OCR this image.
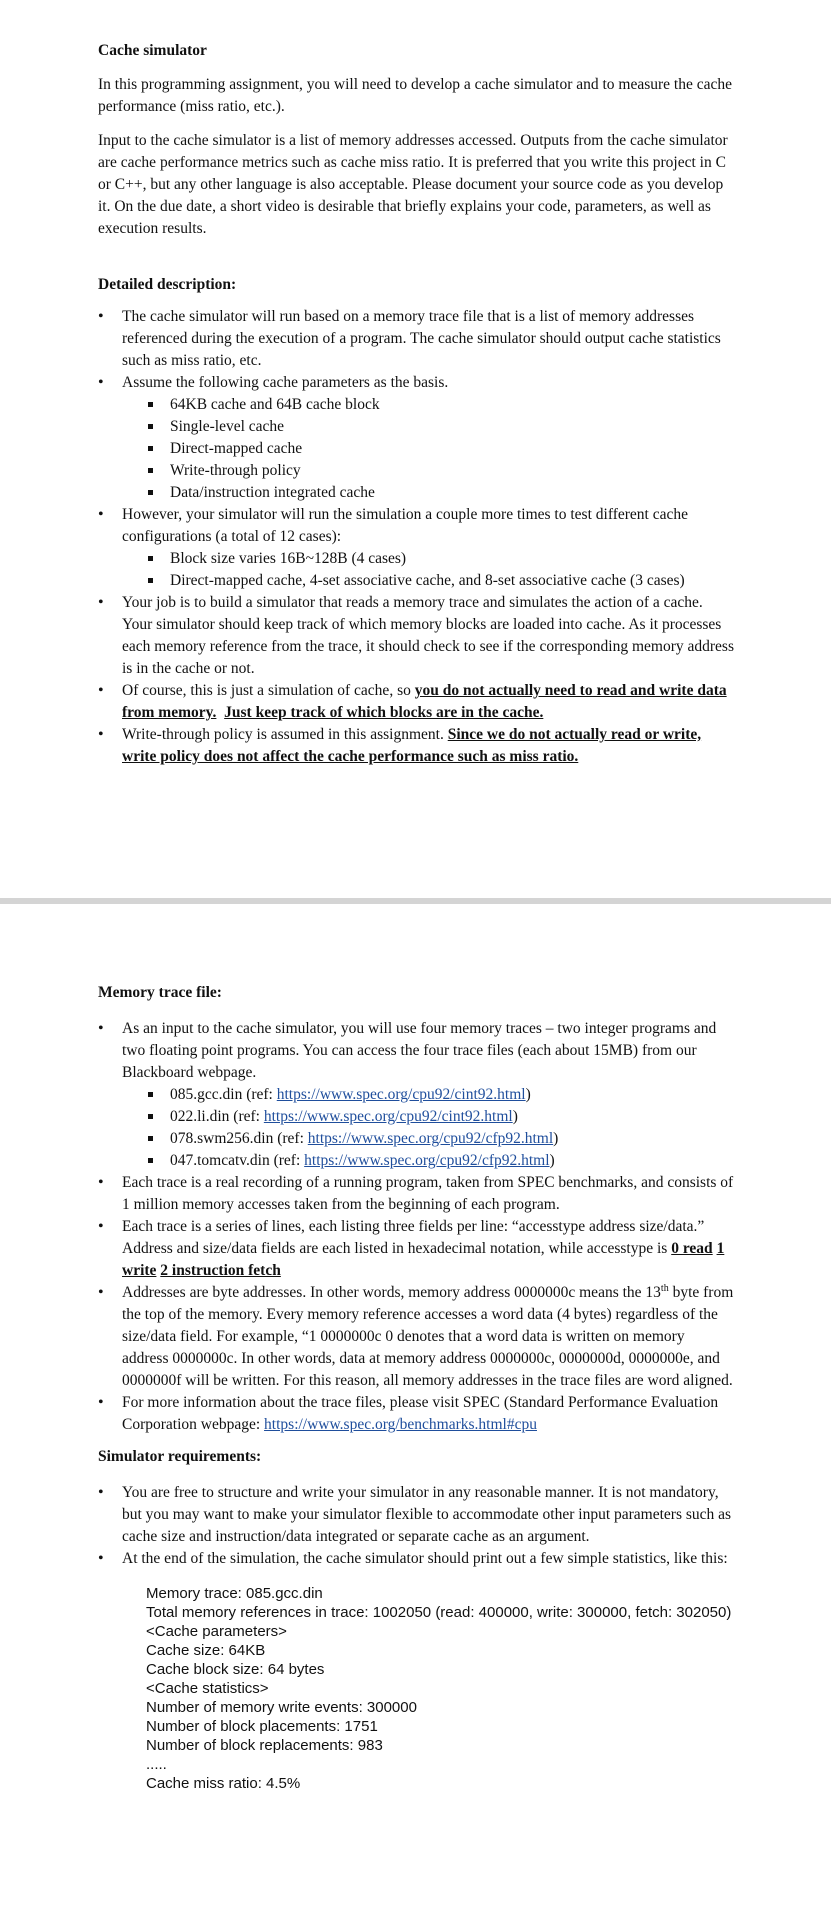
Cache simulator

In this programming assignment, you will need to develop a cache simulator and to measure the cache performance (miss ratio, etc.).

Input to the cache simulator is a list of memory addresses accessed. Outputs from the cache simulator are cache performance metrics such as cache miss ratio. It is preferred that you write this project in C or C++, but any other language is also acceptable. Please document your source code as you develop it. On the due date, a short video is desirable that briefly explains your code, parameters, as well as execution results.

Detailed description:
• The cache simulator will run based on a memory trace file that is a list of memory addresses referenced during the execution of a program. The cache simulator should output cache statistics such as miss ratio, etc.
• Assume the following cache parameters as the basis.
64KB cache and 64B cache block
Single-level cache
Direct-mapped cache
Write-through policy
Data/instruction integrated cache
• However, your simulator will run the simulation a couple more times to test different cache configurations (a total of 12 cases):
Block size varies 16B~128B (4 cases)
Direct-mapped cache, 4-set associative cache, and 8-set associative cache (3 cases)
• Your job is to build a simulator that reads a memory trace and simulates the action of a cache. Your simulator should keep track of which memory blocks are loaded into cache. As it processes each memory reference from the trace, it should check to see if the corresponding memory address is in the cache or not.
• Of course, this is just a simulation of cache, so you do not actually need to read and write data from memory. Just keep track of which blocks are in the cache.
• Write-through policy is assumed in this assignment. Since we do not actually read or write, write policy does not affect the cache performance such as miss ratio.
Memory trace file:
• As an input to the cache simulator, you will use four memory traces – two integer programs and two floating point programs. You can access the four trace files (each about 15MB) from our Blackboard webpage.
085.gcc.din (ref: https://www.spec.org/cpu92/cint92.html)
022.li.din (ref: https://www.spec.org/cpu92/cint92.html)
078.swm256.din (ref: https://www.spec.org/cpu92/cfp92.html)
047.tomcatv.din (ref: https://www.spec.org/cpu92/cfp92.html)
• Each trace is a real recording of a running program, taken from SPEC benchmarks, and consists of 1 million memory accesses taken from the beginning of each program.
• Each trace is a series of lines, each listing three fields per line: “accesstype address size/data.” Address and size/data fields are each listed in hexadecimal notation, while accesstype is 0 read 1 write 2 instruction fetch
• Addresses are byte addresses. In other words, memory address 0000000c means the 13th byte from the top of the memory. Every memory reference accesses a word data (4 bytes) regardless of the size/data field. For example, “1 0000000c 0 denotes that a word data is written on memory address 0000000c. In other words, data at memory address 0000000c, 0000000d, 0000000e, and 0000000f will be written. For this reason, all memory addresses in the trace files are word aligned.
• For more information about the trace files, please visit SPEC (Standard Performance Evaluation Corporation webpage: https://www.spec.org/benchmarks.html#cpu
Simulator requirements:
• You are free to structure and write your simulator in any reasonable manner. It is not mandatory, but you may want to make your simulator flexible to accommodate other input parameters such as cache size and instruction/data integrated or separate cache as an argument.
• At the end of the simulation, the cache simulator should print out a few simple statistics, like this:
Memory trace: 085.gcc.din
Total memory references in trace: 1002050 (read: 400000, write: 300000, fetch: 302050)
<Cache parameters>
Cache size: 64KB
Cache block size: 64 bytes
<Cache statistics>
Number of memory write events: 300000
Number of block placements: 1751
Number of block replacements: 983
.....
Cache miss ratio: 4.5%
